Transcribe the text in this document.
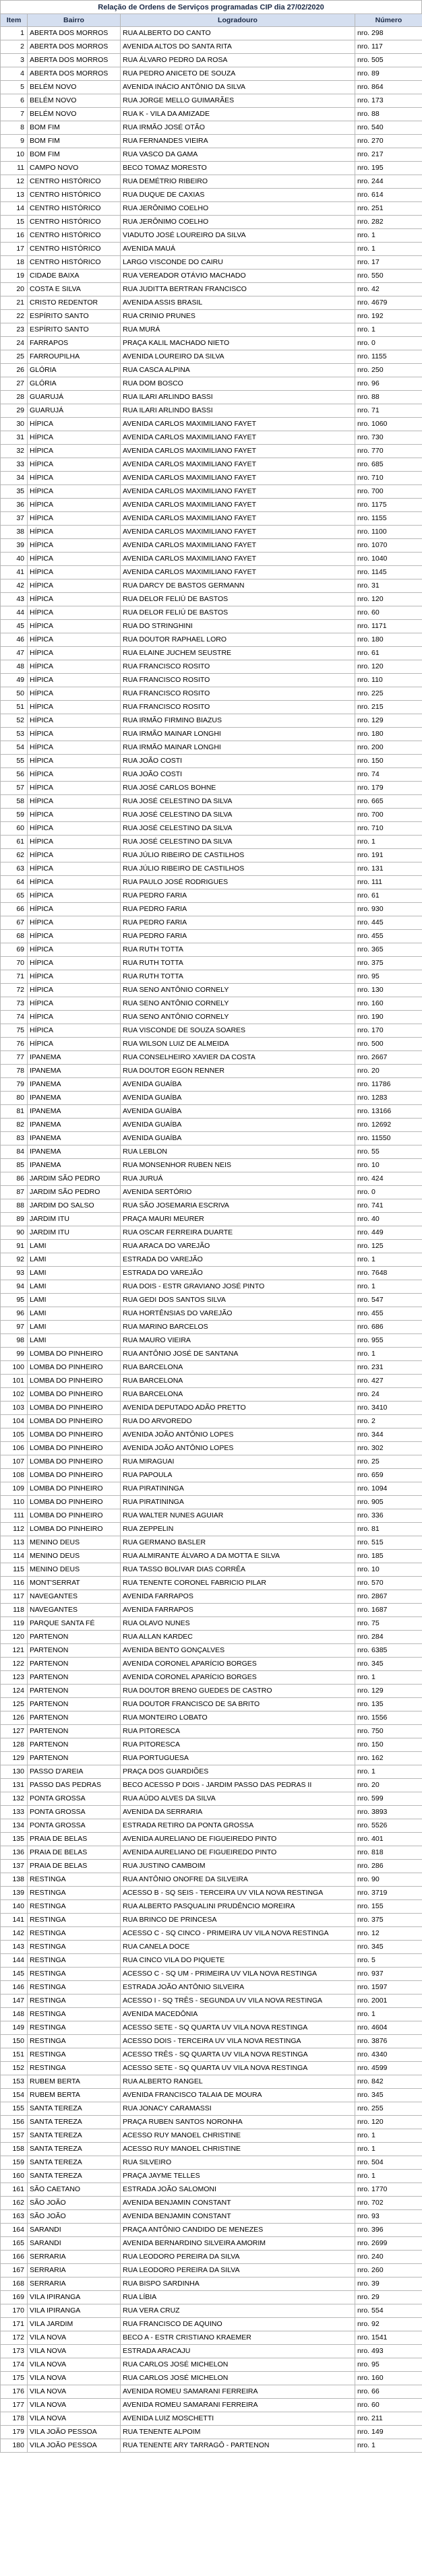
Relação de Ordens de Serviços programadas CIP dia 27/02/2020
Item	Bairro	Logradouro	Número
1	ABERTA DOS MORROS	RUA ALBERTO DO CANTO	nro. 298
2	ABERTA DOS MORROS	AVENIDA ALTOS DO SANTA RITA	nro. 117
3	ABERTA DOS MORROS	RUA ÁLVARO PEDRO DA ROSA	nro. 505
4	ABERTA DOS MORROS	RUA PEDRO ANICETO DE SOUZA	nro. 89
5	BELÉM NOVO	AVENIDA INÁCIO ANTÔNIO DA SILVA	nro. 864
6	BELÉM NOVO	RUA JORGE MELLO GUIMARÃES	nro. 173
7	BELÉM NOVO	RUA K - VILA DA AMIZADE	nro. 88
8	BOM FIM	RUA IRMÃO JOSÉ OTÃO	nro. 540
9	BOM FIM	RUA FERNANDES VIEIRA	nro. 270
10	BOM FIM	RUA VASCO DA GAMA	nro. 217
11	CAMPO NOVO	BECO TOMAZ MORESTO	nro. 195
12	CENTRO HISTÓRICO	RUA DEMÉTRIO RIBEIRO	nro. 244
13	CENTRO HISTÓRICO	RUA DUQUE DE CAXIAS	nro. 614
14	CENTRO HISTÓRICO	RUA JERÔNIMO COELHO	nro. 251
15	CENTRO HISTÓRICO	RUA JERÔNIMO COELHO	nro. 282
16	CENTRO HISTÓRICO	VIADUTO JOSÉ LOUREIRO DA SILVA	nro. 1
17	CENTRO HISTÓRICO	AVENIDA MAUÁ	nro. 1
18	CENTRO HISTÓRICO	LARGO VISCONDE DO CAIRU	nro. 17
19	CIDADE BAIXA	RUA VEREADOR OTÁVIO MACHADO	nro. 550
20	COSTA E SILVA	RUA JUDITTA BERTRAN FRANCISCO	nro. 42
21	CRISTO REDENTOR	AVENIDA ASSIS BRASIL	nro. 4679
22	ESPÍRITO SANTO	RUA CRINIO PRUNES	nro. 192
23	ESPÍRITO SANTO	RUA MURÁ	nro. 1
24	FARRAPOS	PRAÇA KALIL MACHADO NIETO	nro. 0
25	FARROUPILHA	AVENIDA LOUREIRO DA SILVA	nro. 1155
26	GLÓRIA	RUA CASCA ALPINA	nro. 250
27	GLÓRIA	RUA DOM BOSCO	nro. 96
28	GUARUJÁ	RUA ILARI ARLINDO BASSI	nro. 88
29	GUARUJÁ	RUA ILARI ARLINDO BASSI	nro. 71
30	HÍPICA	AVENIDA CARLOS MAXIMILIANO FAYET	nro. 1060
31	HÍPICA	AVENIDA CARLOS MAXIMILIANO FAYET	nro. 730
32	HÍPICA	AVENIDA CARLOS MAXIMILIANO FAYET	nro. 770
33	HÍPICA	AVENIDA CARLOS MAXIMILIANO FAYET	nro. 685
34	HÍPICA	AVENIDA CARLOS MAXIMILIANO FAYET	nro. 710
35	HÍPICA	AVENIDA CARLOS MAXIMILIANO FAYET	nro. 700
36	HÍPICA	AVENIDA CARLOS MAXIMILIANO FAYET	nro. 1175
37	HÍPICA	AVENIDA CARLOS MAXIMILIANO FAYET	nro. 1155
38	HÍPICA	AVENIDA CARLOS MAXIMILIANO FAYET	nro. 1100
39	HÍPICA	AVENIDA CARLOS MAXIMILIANO FAYET	nro. 1070
40	HÍPICA	AVENIDA CARLOS MAXIMILIANO FAYET	nro. 1040
41	HÍPICA	AVENIDA CARLOS MAXIMILIANO FAYET	nro. 1145
42	HÍPICA	RUA DARCY DE BASTOS GERMANN	nro. 31
43	HÍPICA	RUA DELOR FELIÚ DE BASTOS	nro. 120
44	HÍPICA	RUA DELOR FELIÚ DE BASTOS	nro. 60
45	HÍPICA	RUA DO STRINGHINI	nro. 1171
46	HÍPICA	RUA DOUTOR RAPHAEL LORO	nro. 180
47	HÍPICA	RUA ELAINE JUCHEM SEUSTRE	nro. 61
48	HÍPICA	RUA FRANCISCO ROSITO	nro. 120
49	HÍPICA	RUA FRANCISCO ROSITO	nro. 110
50	HÍPICA	RUA FRANCISCO ROSITO	nro. 225
51	HÍPICA	RUA FRANCISCO ROSITO	nro. 215
52	HÍPICA	RUA IRMÃO FIRMINO BIAZUS	nro. 129
53	HÍPICA	RUA IRMÃO MAINAR LONGHI	nro. 180
54	HÍPICA	RUA IRMÃO MAINAR LONGHI	nro. 200
55	HÍPICA	RUA JOÃO COSTI	nro. 150
56	HÍPICA	RUA JOÃO COSTI	nro. 74
57	HÍPICA	RUA JOSÉ CARLOS BOHNE	nro. 179
58	HÍPICA	RUA JOSÉ CELESTINO DA SILVA	nro. 665
59	HÍPICA	RUA JOSÉ CELESTINO DA SILVA	nro. 700
60	HÍPICA	RUA JOSÉ CELESTINO DA SILVA	nro. 710
61	HÍPICA	RUA JOSÉ CELESTINO DA SILVA	nro. 1
62	HÍPICA	RUA JÚLIO RIBEIRO DE CASTILHOS	nro. 191
63	HÍPICA	RUA JÚLIO RIBEIRO DE CASTILHOS	nro. 131
64	HÍPICA	RUA PAULO JOSÉ RODRIGUES	nro. 111
65	HÍPICA	RUA PEDRO FARIA	nro. 61
66	HÍPICA	RUA PEDRO FARIA	nro. 930
67	HÍPICA	RUA PEDRO FARIA	nro. 445
68	HÍPICA	RUA PEDRO FARIA	nro. 455
69	HÍPICA	RUA RUTH TOTTA	nro. 365
70	HÍPICA	RUA RUTH TOTTA	nro. 375
71	HÍPICA	RUA RUTH TOTTA	nro. 95
72	HÍPICA	RUA SENO ANTÔNIO CORNELY	nro. 130
73	HÍPICA	RUA SENO ANTÔNIO CORNELY	nro. 160
74	HÍPICA	RUA SENO ANTÔNIO CORNELY	nro. 190
75	HÍPICA	RUA VISCONDE DE SOUZA SOARES	nro. 170
76	HÍPICA	RUA WILSON LUIZ DE ALMEIDA	nro. 500
77	IPANEMA	RUA CONSELHEIRO XAVIER DA COSTA	nro. 2667
78	IPANEMA	RUA DOUTOR EGON RENNER	nro. 20
79	IPANEMA	AVENIDA GUAÍBA	nro. 11786
80	IPANEMA	AVENIDA GUAÍBA	nro. 1283
81	IPANEMA	AVENIDA GUAÍBA	nro. 13166
82	IPANEMA	AVENIDA GUAÍBA	nro. 12692
83	IPANEMA	AVENIDA GUAÍBA	nro. 11550
84	IPANEMA	RUA LEBLON	nro. 55
85	IPANEMA	RUA MONSENHOR RUBEN NEIS	nro. 10
86	JARDIM SÃO PEDRO	RUA JURUÁ	nro. 424
87	JARDIM SÃO PEDRO	AVENIDA SERTÓRIO	nro. 0
88	JARDIM DO SALSO	RUA SÃO JOSEMARIA ESCRIVA	nro. 741
89	JARDIM ITU	PRAÇA MAURI MEURER	nro. 40
90	JARDIM ITU	RUA OSCAR FERREIRA DUARTE	nro. 449
91	LAMI	RUA ARACA DO VAREJÃO	nro. 125
92	LAMI	ESTRADA DO VAREJÃO	nro. 1
93	LAMI	ESTRADA DO VAREJÃO	nro. 7648
94	LAMI	RUA DOIS - ESTR GRAVIANO JOSÉ PINTO	nro. 1
95	LAMI	RUA GEDI DOS SANTOS SILVA	nro. 547
96	LAMI	RUA HORTÊNSIAS DO VAREJÃO	nro. 455
97	LAMI	RUA MARINO BARCELOS	nro. 686
98	LAMI	RUA MAURO VIEIRA	nro. 955
99	LOMBA DO PINHEIRO	RUA ANTÔNIO JOSÉ DE SANTANA	nro. 1
100	LOMBA DO PINHEIRO	RUA BARCELONA	nro. 231
101	LOMBA DO PINHEIRO	RUA BARCELONA	nro. 427
102	LOMBA DO PINHEIRO	RUA BARCELONA	nro. 24
103	LOMBA DO PINHEIRO	AVENIDA DEPUTADO ADÃO PRETTO	nro. 3410
104	LOMBA DO PINHEIRO	RUA DO ARVOREDO	nro. 2
105	LOMBA DO PINHEIRO	AVENIDA JOÃO ANTÔNIO LOPES	nro. 344
106	LOMBA DO PINHEIRO	AVENIDA JOÃO ANTÔNIO LOPES	nro. 302
107	LOMBA DO PINHEIRO	RUA MIRAGUAI	nro. 25
108	LOMBA DO PINHEIRO	RUA PAPOULA	nro. 659
109	LOMBA DO PINHEIRO	RUA PIRATININGA	nro. 1094
110	LOMBA DO PINHEIRO	RUA PIRATININGA	nro. 905
111	LOMBA DO PINHEIRO	RUA WALTER NUNES AGUIAR	nro. 336
112	LOMBA DO PINHEIRO	RUA ZEPPELIN	nro. 81
113	MENINO DEUS	RUA GERMANO BASLER	nro. 515
114	MENINO DEUS	RUA ALMIRANTE ÁLVARO A DA MOTTA E SILVA	nro. 185
115	MENINO DEUS	RUA TASSO BOLIVAR DIAS CORRÊA	nro. 10
116	MONT'SERRAT	RUA TENENTE CORONEL FABRICIO PILAR	nro. 570
117	NAVEGANTES	AVENIDA FARRAPOS	nro. 2867
118	NAVEGANTES	AVENIDA FARRAPOS	nro. 1687
119	PARQUE SANTA FÉ	RUA OLAVO NUNES	nro. 75
120	PARTENON	RUA ALLAN KARDEC	nro. 284
121	PARTENON	AVENIDA BENTO GONÇALVES	nro. 6385
122	PARTENON	AVENIDA CORONEL APARÍCIO BORGES	nro. 345
123	PARTENON	AVENIDA CORONEL APARÍCIO BORGES	nro. 1
124	PARTENON	RUA DOUTOR BRENO GUEDES DE CASTRO	nro. 129
125	PARTENON	RUA DOUTOR FRANCISCO DE SA BRITO	nro. 135
126	PARTENON	RUA MONTEIRO LOBATO	nro. 1556
127	PARTENON	RUA PITORESCA	nro. 750
128	PARTENON	RUA PITORESCA	nro. 150
129	PARTENON	RUA PORTUGUESA	nro. 162
130	PASSO D'AREIA	PRAÇA DOS GUARDIÕES	nro. 1
131	PASSO DAS PEDRAS	BECO ACESSO P DOIS - JARDIM PASSO DAS PEDRAS II	nro. 20
132	PONTA GROSSA	RUA AÚDO ALVES DA SILVA	nro. 599
133	PONTA GROSSA	AVENIDA DA SERRARIA	nro. 3893
134	PONTA GROSSA	ESTRADA RETIRO DA PONTA GROSSA	nro. 5526
135	PRAIA DE BELAS	AVENIDA AURELIANO DE FIGUEIREDO PINTO	nro. 401
136	PRAIA DE BELAS	AVENIDA AURELIANO DE FIGUEIREDO PINTO	nro. 818
137	PRAIA DE BELAS	RUA JUSTINO CAMBOIM	nro. 286
138	RESTINGA	RUA ANTÔNIO ONOFRE DA SILVEIRA	nro. 90
139	RESTINGA	ACESSO B - SQ SEIS - TERCEIRA UV VILA NOVA RESTINGA	nro. 3719
140	RESTINGA	RUA ALBERTO PASQUALINI PRUDÊNCIO MOREIRA	nro. 155
141	RESTINGA	RUA BRINCO DE PRINCESA	nro. 375
142	RESTINGA	ACESSO C - SQ CINCO - PRIMEIRA UV VILA NOVA RESTINGA	nro. 12
143	RESTINGA	RUA CANELA DOCE	nro. 345
144	RESTINGA	RUA CINCO VILA DO PIQUETE	nro. 5
145	RESTINGA	ACESSO C - SQ UM - PRIMEIRA UV VILA NOVA RESTINGA	nro. 937
146	RESTINGA	ESTRADA JOÃO ANTÔNIO SILVEIRA	nro. 1597
147	RESTINGA	ACESSO I - SQ TRÊS - SEGUNDA UV VILA NOVA RESTINGA	nro. 2001
148	RESTINGA	AVENIDA MACEDÔNIA	nro. 1
149	RESTINGA	ACESSO SETE - SQ QUARTA UV VILA NOVA RESTINGA	nro. 4604
150	RESTINGA	ACESSO DOIS - TERCEIRA UV VILA NOVA RESTINGA	nro. 3876
151	RESTINGA	ACESSO TRÊS - SQ QUARTA UV VILA NOVA RESTINGA	nro. 4340
152	RESTINGA	ACESSO SETE - SQ QUARTA UV VILA NOVA RESTINGA	nro. 4599
153	RUBEM BERTA	RUA ALBERTO RANGEL	nro. 842
154	RUBEM BERTA	AVENIDA FRANCISCO TALAIA DE MOURA	nro. 345
155	SANTA TEREZA	RUA JONACY CARAMASSI	nro. 255
156	SANTA TEREZA	PRAÇA RUBEN SANTOS NORONHA	nro. 120
157	SANTA TEREZA	ACESSO RUY MANOEL CHRISTINE	nro. 1
158	SANTA TEREZA	ACESSO RUY MANOEL CHRISTINE	nro. 1
159	SANTA TEREZA	RUA SILVEIRO	nro. 504
160	SANTA TEREZA	PRAÇA JAYME TELLES	nro. 1
161	SÃO CAETANO	ESTRADA JOÃO SALOMONI	nro. 1770
162	SÃO JOÃO	AVENIDA BENJAMIN CONSTANT	nro. 702
163	SÃO JOÃO	AVENIDA BENJAMIN CONSTANT	nro. 93
164	SARANDI	PRAÇA ANTÔNIO CANDIDO DE MENEZES	nro. 396
165	SARANDI	AVENIDA BERNARDINO SILVEIRA AMORIM	nro. 2699
166	SERRARIA	RUA LEODORO PEREIRA DA SILVA	nro. 240
167	SERRARIA	RUA LEODORO PEREIRA DA SILVA	nro. 260
168	SERRARIA	RUA BISPO SARDINHA	nro. 39
169	VILA IPIRANGA	RUA LÍBIA	nro. 29
170	VILA IPIRANGA	RUA VERA CRUZ	nro. 554
171	VILA JARDIM	RUA FRANCISCO DE AQUINO	nro. 92
172	VILA NOVA	BECO A - ESTR CRISTIANO KRAEMER	nro. 1541
173	VILA NOVA	ESTRADA ARACAJU	nro. 493
174	VILA NOVA	RUA CARLOS JOSÉ MICHELON	nro. 95
175	VILA NOVA	RUA CARLOS JOSÉ MICHELON	nro. 160
176	VILA NOVA	AVENIDA ROMEU SAMARANI FERREIRA	nro. 66
177	VILA NOVA	AVENIDA ROMEU SAMARANI FERREIRA	nro. 60
178	VILA NOVA	AVENIDA LUIZ MOSCHETTI	nro. 211
179	VILA JOÃO PESSOA	RUA TENENTE ALPOIM	nro. 149
180	VILA JOÃO PESSOA	RUA TENENTE ARY TARRAGÔ - PARTENON	nro. 1
